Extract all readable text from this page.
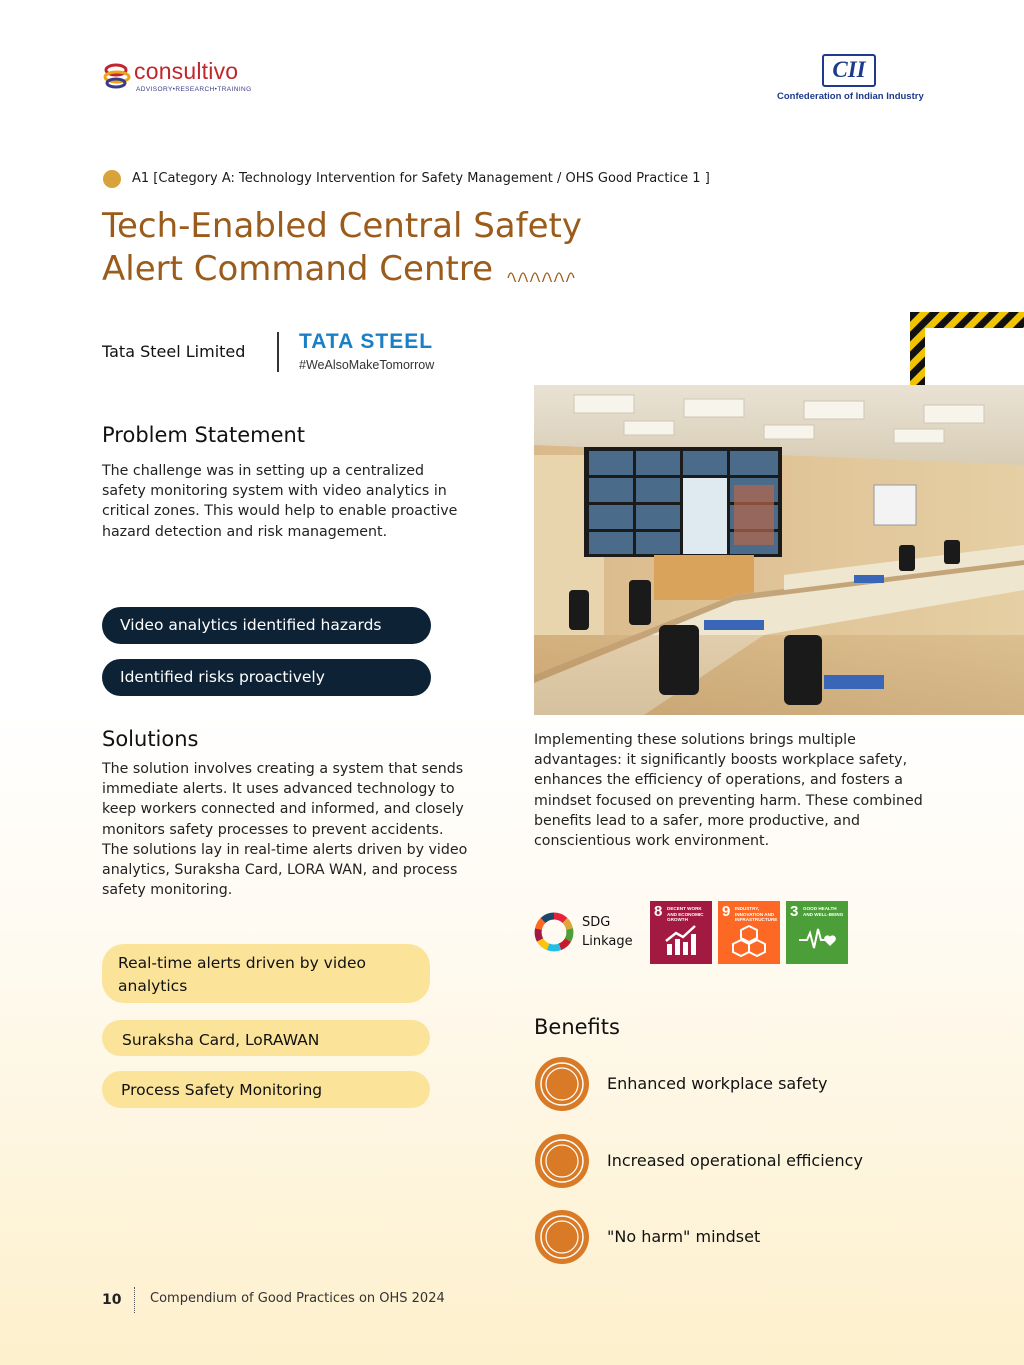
consultivo
ADVISORY•RESEARCH•TRAINING
CII
Confederation of Indian Industry
A1 [Category A: Technology Intervention for Safety Management / OHS Good Practice 1 ]
Tech-Enabled Central Safety
Alert Command Centre
Tata Steel Limited	TATA STEEL
#WeAlsoMakeTomorrow
Problem Statement

The challenge was in setting up a centralized safety monitoring system with video analytics in critical zones. This would help to enable proactive hazard detection and risk management.

Video analytics identified hazards
Identified risks proactively
Solutions

The solution involves creating a system that sends immediate alerts. It uses advanced technology to keep workers connected and informed, and closely monitors safety processes to prevent accidents. The solutions lay in real-time alerts driven by video analytics, Suraksha Card, LORA WAN, and process safety monitoring.

Real-time alerts driven by video analytics
Suraksha Card, LoRAWAN
Process Safety Monitoring

Implementing these solutions brings multiple advantages: it significantly boosts workplace safety, enhances the efficiency of operations, and fosters a mindset focused on preventing harm. These combined benefits lead to a safer, more productive, and conscientious work environment.

SDG
Linkage
8 DECENT WORK AND ECONOMIC GROWTH	9 INDUSTRY, INNOVATION AND INFRASTRUCTURE 3 GOOD HEALTH AND WELL-BEING
Benefits
Enhanced workplace safety
Increased operational efficiency
"No harm" mindset
10 Compendium of Good Practices on OHS 2024
